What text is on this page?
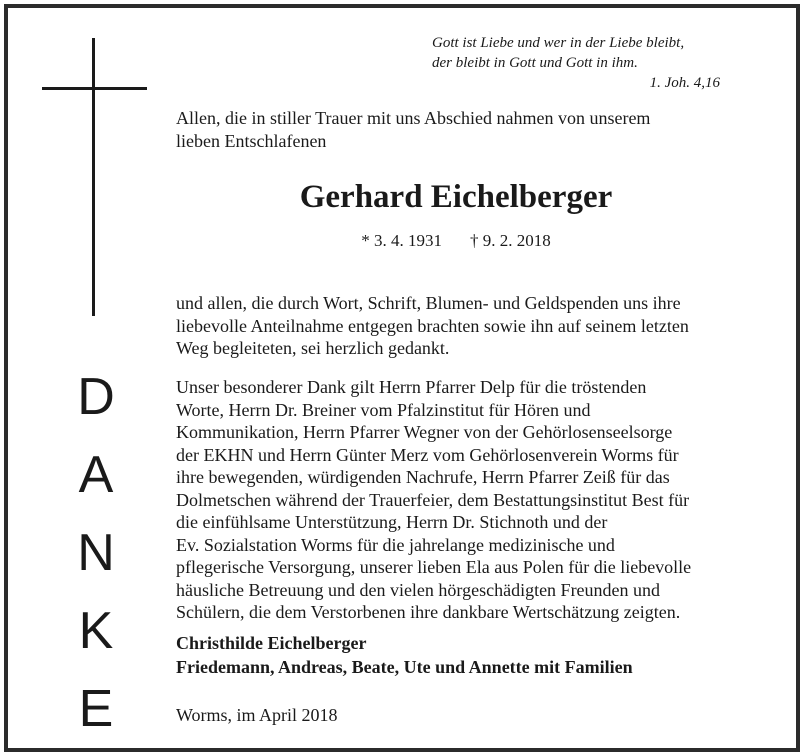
D
A
N
K
E
Gott ist Liebe und wer in der Liebe bleibt,
der bleibt in Gott und Gott in ihm.
1. Joh. 4,16
Allen, die in stiller Trauer mit uns Abschied nahmen von unserem
lieben Entschlafenen
Gerhard Eichelberger
* 3. 4. 1931 † 9. 2. 2018
und allen, die durch Wort, Schrift, Blumen- und Geldspenden uns ihre
liebevolle Anteilnahme entgegen brachten sowie ihn auf seinem letzten
Weg begleiteten, sei herzlich gedankt.
Unser besonderer Dank gilt Herrn Pfarrer Delp für die tröstenden
Worte, Herrn Dr. Breiner vom Pfalzinstitut für Hören und
Kommunikation, Herrn Pfarrer Wegner von der Gehörlosenseelsorge
der EKHN und Herrn Günter Merz vom Gehörlosenverein Worms für
ihre bewegenden, würdigenden Nachrufe, Herrn Pfarrer Zeiß für das
Dolmetschen während der Trauerfeier, dem Bestattungsinstitut Best für
die einfühlsame Unterstützung, Herrn Dr. Stichnoth und der
Ev. Sozialstation Worms für die jahrelange medizinische und
pflegerische Versorgung, unserer lieben Ela aus Polen für die liebevolle
häusliche Betreuung und den vielen hörgeschädigten Freunden und
Schülern, die dem Verstorbenen ihre dankbare Wertschätzung zeigten.
Christhilde Eichelberger
Friedemann, Andreas, Beate, Ute und Annette mit Familien
Worms, im April 2018
